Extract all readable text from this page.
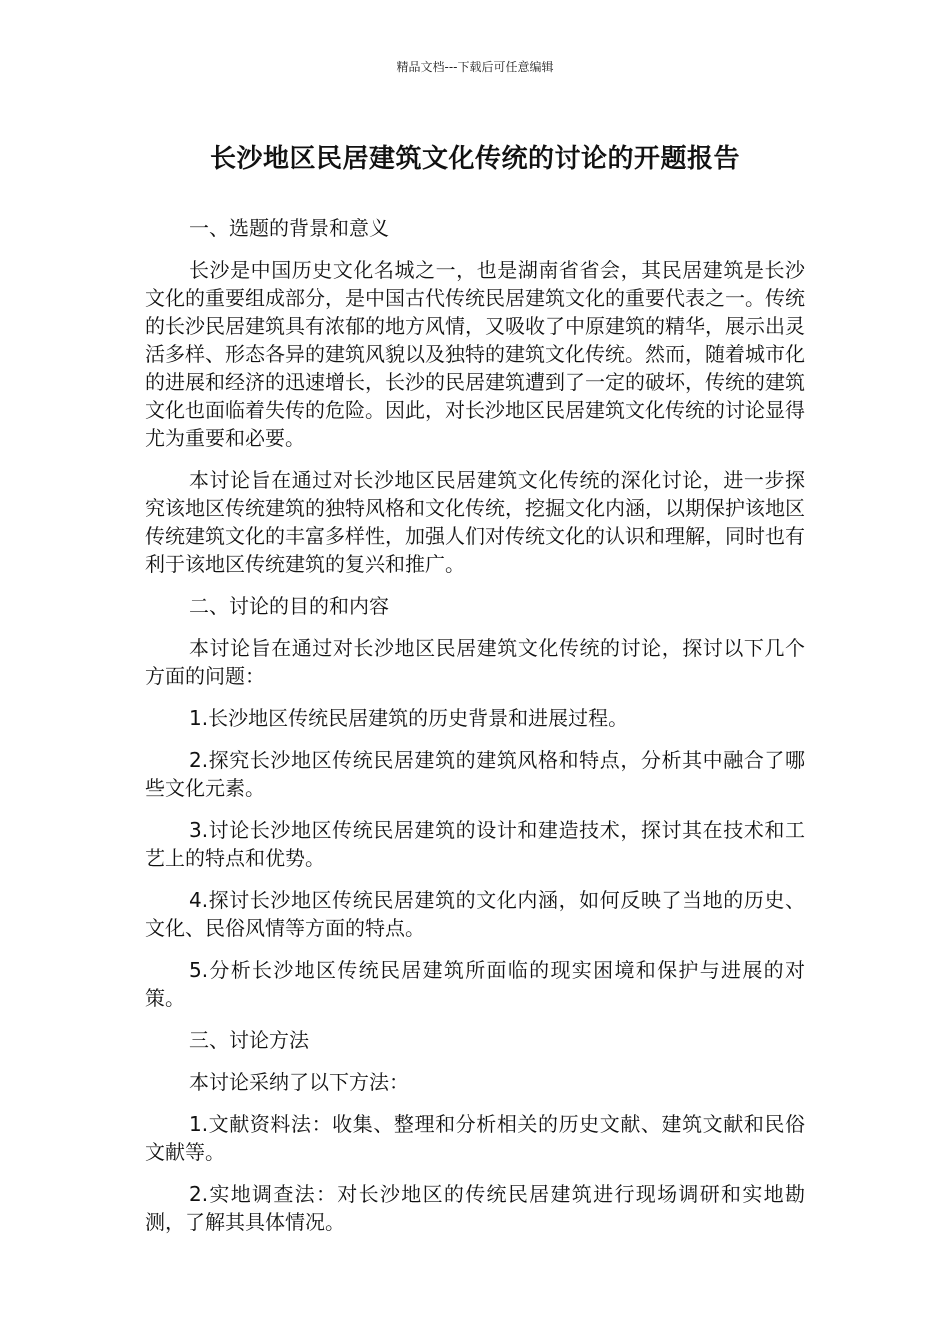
精品文档---下载后可任意编辑
长沙地区民居建筑文化传统的讨论的开题报告

一、选题的背景和意义

长沙是中国历史文化名城之一，也是湖南省省会，其民居建筑是长沙文化的重要组成部分，是中国古代传统民居建筑文化的重要代表之一。传统的长沙民居建筑具有浓郁的地方风情，又吸收了中原建筑的精华，展示出灵活多样、形态各异的建筑风貌以及独特的建筑文化传统。然而，随着城市化的进展和经济的迅速增长，长沙的民居建筑遭到了一定的破坏，传统的建筑文化也面临着失传的危险。因此，对长沙地区民居建筑文化传统的讨论显得尤为重要和必要。

本讨论旨在通过对长沙地区民居建筑文化传统的深化讨论，进一步探究该地区传统建筑的独特风格和文化传统，挖掘文化内涵，以期保护该地区传统建筑文化的丰富多样性，加强人们对传统文化的认识和理解，同时也有利于该地区传统建筑的复兴和推广。

二、讨论的目的和内容

本讨论旨在通过对长沙地区民居建筑文化传统的讨论，探讨以下几个方面的问题：

1.长沙地区传统民居建筑的历史背景和进展过程。

2.探究长沙地区传统民居建筑的建筑风格和特点，分析其中融合了哪些文化元素。

3.讨论长沙地区传统民居建筑的设计和建造技术，探讨其在技术和工艺上的特点和优势。

4.探讨长沙地区传统民居建筑的文化内涵，如何反映了当地的历史、文化、民俗风情等方面的特点。

5.分析长沙地区传统民居建筑所面临的现实困境和保护与进展的对策。

三、讨论方法

本讨论采纳了以下方法：

1.文献资料法：收集、整理和分析相关的历史文献、建筑文献和民俗文献等。

2.实地调查法：对长沙地区的传统民居建筑进行现场调研和实地勘测，了解其具体情况。
